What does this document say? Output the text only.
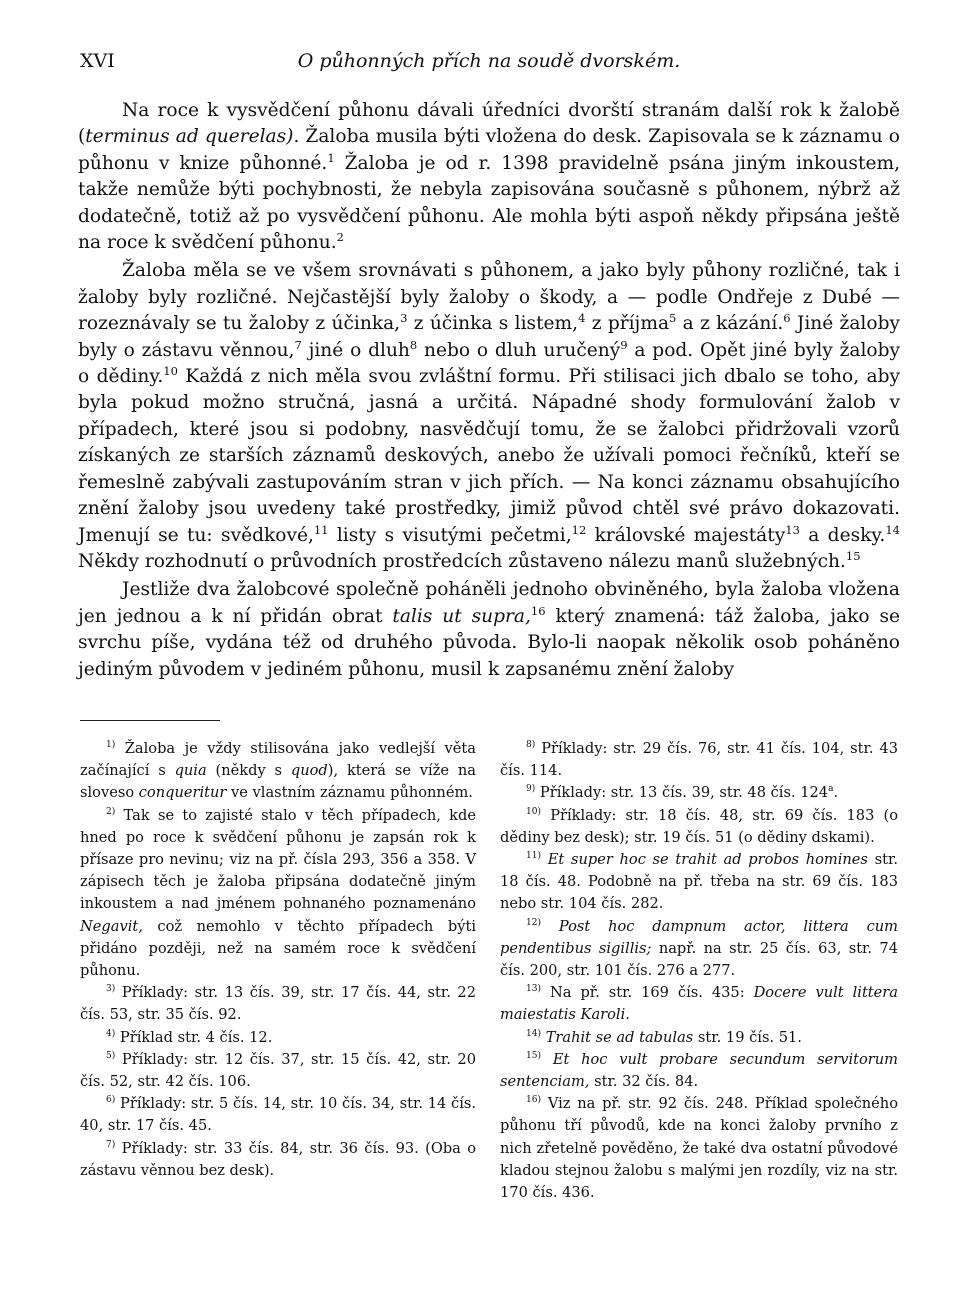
XVI	O půhonných přích na soudě dvorském.

Na roce k vysvědčení půhonu dávali úředníci dvorští stranám další rok k žalobě (terminus ad querelas). Žaloba musila býti vložena do desk. Zapisovala se k záznamu o půhonu v knize půhonné.$^1$ Žaloba je od r. 1398 pravidelně psána jiným inkoustem, takže nemůže býti pochybnosti, že nebyla zapisována současně s půhonem, nýbrž až dodatečně, totiž až po vysvědčení půhonu. Ale mohla býti aspoň někdy připsána ještě na roce k svědčení půhonu.$^2$

Žaloba měla se ve všem srovnávati s půhonem, a jako byly půhony rozličné, tak i žaloby byly rozličné. Nejčastější byly žaloby o škody, a — podle Ondřeje z Dubé — rozeznávaly se tu žaloby z účinka,$^3$ z účinka s listem,$^4$ z příjma$^5$ a z kázání.$^6$ Jiné žaloby byly o zástavu věnnou,$^7$ jiné o dluh$^8$ nebo o dluh uručený$^9$ a pod. Opět jiné byly žaloby o dědiny.$^{10}$ Každá z nich měla svou zvláštní formu. Při stilisaci jich dbalo se toho, aby byla pokud možno stručná, jasná a určitá. Nápadné shody formulování žalob v případech, které jsou si podobny, nasvědčují tomu, že se žalobci přidržovali vzorů získaných ze starších záznamů deskových, anebo že užívali pomoci řečníků, kteří se řemeslně zabývali zastupováním stran v jich přích. — Na konci záznamu obsahujícího znění žaloby jsou uvedeny také prostředky, jimiž původ chtěl své právo dokazovati. Jmenují se tu: svědkové,$^{11}$ listy s visutými pečetmi,$^{12}$ královské majestáty$^{13}$ a desky.$^{14}$ Někdy rozhodnutí o průvodních prostředcích zůstaveno nálezu manů služebných.$^{15}$

Jestliže dva žalobcové společně poháněli jednoho obviněného, byla žaloba vložena jen jednou a k ní přidán obrat talis ut supra,$^{16}$ který znamená: táž žaloba, jako se svrchu píše, vydána též od druhého původa. Bylo-li naopak několik osob poháněno jediným původem v jediném půhonu, musil k zapsanému znění žaloby

$^{1)}$ Žaloba je vždy stilisována jako vedlejší věta začínající s quia (někdy s quod), která se víže na sloveso conqueritur ve vlastním záznamu půhonném.

$^{2)}$ Tak se to zajisté stalo v těch případech, kde hned po roce k svědčení půhonu je zapsán rok k přísaze pro nevinu; viz na př. čísla 293, 356 a 358. V zápisech těch je žaloba připsána dodatečně jiným inkoustem a nad jménem pohnaného poznamenáno Negavit, což nemohlo v těchto případech býti přidáno později, než na samém roce k svědčení půhonu.

$^{3)}$ Příklady: str. 13 čís. 39, str. 17 čís. 44, str. 22 čís. 53, str. 35 čís. 92.

$^{4)}$ Příklad str. 4 čís. 12.

$^{5)}$ Příklady: str. 12 čís. 37, str. 15 čís. 42, str. 20 čís. 52, str. 42 čís. 106.

$^{6)}$ Příklady: str. 5 čís. 14, str. 10 čís. 34, str. 14 čís. 40, str. 17 čís. 45.

$^{7)}$ Příklady: str. 33 čís. 84, str. 36 čís. 93. (Oba o zástavu věnnou bez desk).

$^{8)}$ Příklady: str. 29 čís. 76, str. 41 čís. 104, str. 43 čís. 114.

$^{9)}$ Příklady: str. 13 čís. 39, str. 48 čís. 124$^a$.

$^{10)}$ Příklady: str. 18 čís. 48, str. 69 čís. 183 (o dědiny bez desk); str. 19 čís. 51 (o dědiny dskami).

$^{11)}$ Et super hoc se trahit ad probos homines str. 18 čís. 48. Podobně na př. třeba na str. 69 čís. 183 nebo str. 104 čís. 282.

$^{12)}$ Post hoc dampnum actor, littera cum pendentibus sigillis; např. na str. 25 čís. 63, str. 74 čís. 200, str. 101 čís. 276 a 277.

$^{13)}$ Na př. str. 169 čís. 435: Docere vult littera maiestatis Karoli.

$^{14)}$ Trahit se ad tabulas str. 19 čís. 51.

$^{15)}$ Et hoc vult probare secundum servitorum sentenciam, str. 32 čís. 84.

$^{16)}$ Viz na př. str. 92 čís. 248. Příklad společného půhonu tří původů, kde na konci žaloby prvního z nich zřetelně pověděno, že také dva ostatní původové kladou stejnou žalobu s malými jen rozdíly, viz na str. 170 čís. 436.
